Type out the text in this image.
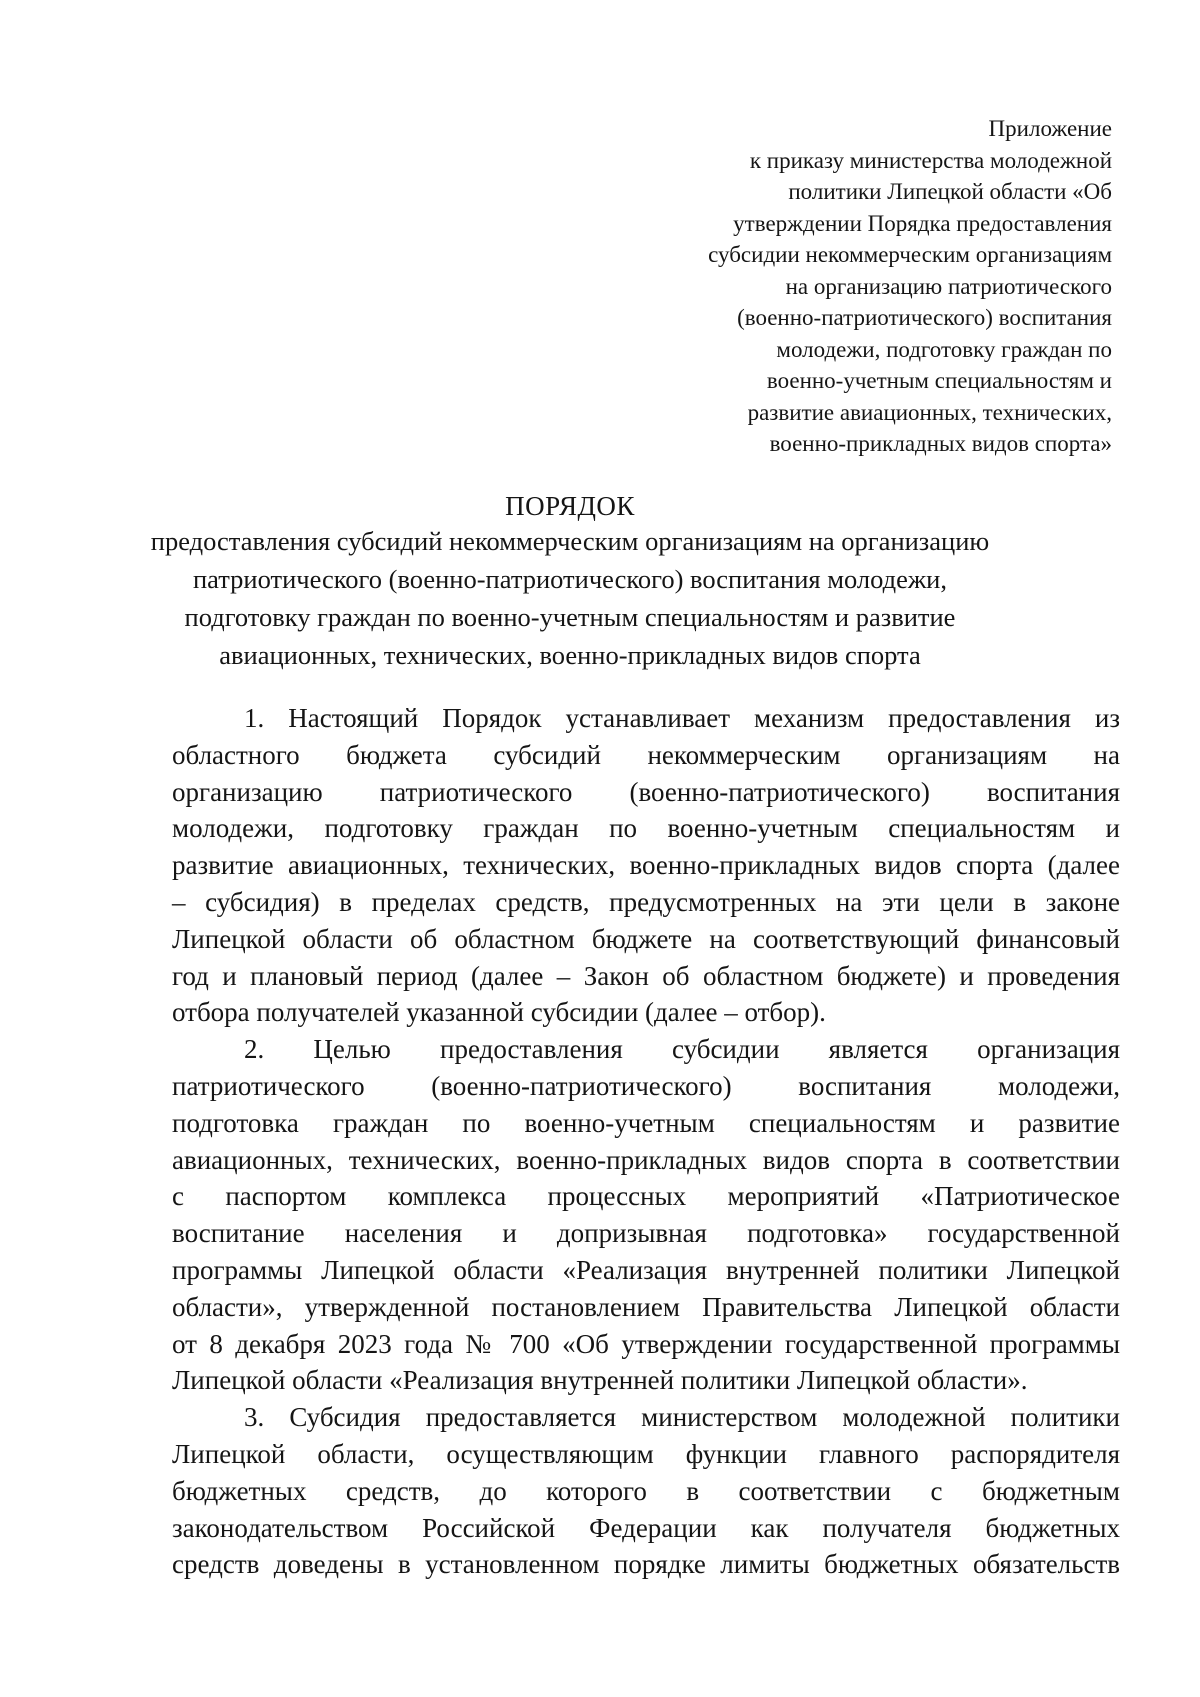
Приложение
к приказу министерства молодежной
политики Липецкой области «Об
утверждении Порядка предоставления
субсидии некоммерческим организациям
на организацию патриотического
(военно-патриотического) воспитания
молодежи, подготовку граждан по
военно-учетным специальностям и
развитие авиационных, технических,
военно-прикладных видов спорта»
ПОРЯДОК
предоставления субсидий некоммерческим организациям на организацию
патриотического (военно-патриотического) воспитания молодежи,
подготовку граждан по военно-учетным специальностям и развитие
авиационных, технических, военно-прикладных видов спорта
1. Настоящий Порядок устанавливает механизм предоставления из
областного бюджета субсидий некоммерческим организациям на
организацию патриотического (военно-патриотического) воспитания
молодежи, подготовку граждан по военно-учетным специальностям и
развитие авиационных, технических, военно-прикладных видов спорта (далее
– субсидия) в пределах средств, предусмотренных на эти цели в законе
Липецкой области об областном бюджете на соответствующий финансовый
год и плановый период (далее – Закон об областном бюджете) и проведения
отбора получателей указанной субсидии (далее – отбор).
2. Целью предоставления субсидии является организация
патриотического (военно-патриотического) воспитания молодежи,
подготовка граждан по военно-учетным специальностям и развитие
авиационных, технических, военно-прикладных видов спорта в соответствии
с паспортом комплекса процессных мероприятий «Патриотическое
воспитание населения и допризывная подготовка» государственной
программы Липецкой области «Реализация внутренней политики Липецкой
области», утвержденной постановлением Правительства Липецкой области
от 8 декабря 2023 года № 700 «Об утверждении государственной программы
Липецкой области «Реализация внутренней политики Липецкой области».
3. Субсидия предоставляется министерством молодежной политики
Липецкой области, осуществляющим функции главного распорядителя
бюджетных средств, до которого в соответствии с бюджетным
законодательством Российской Федерации как получателя бюджетных
средств доведены в установленном порядке лимиты бюджетных обязательств
